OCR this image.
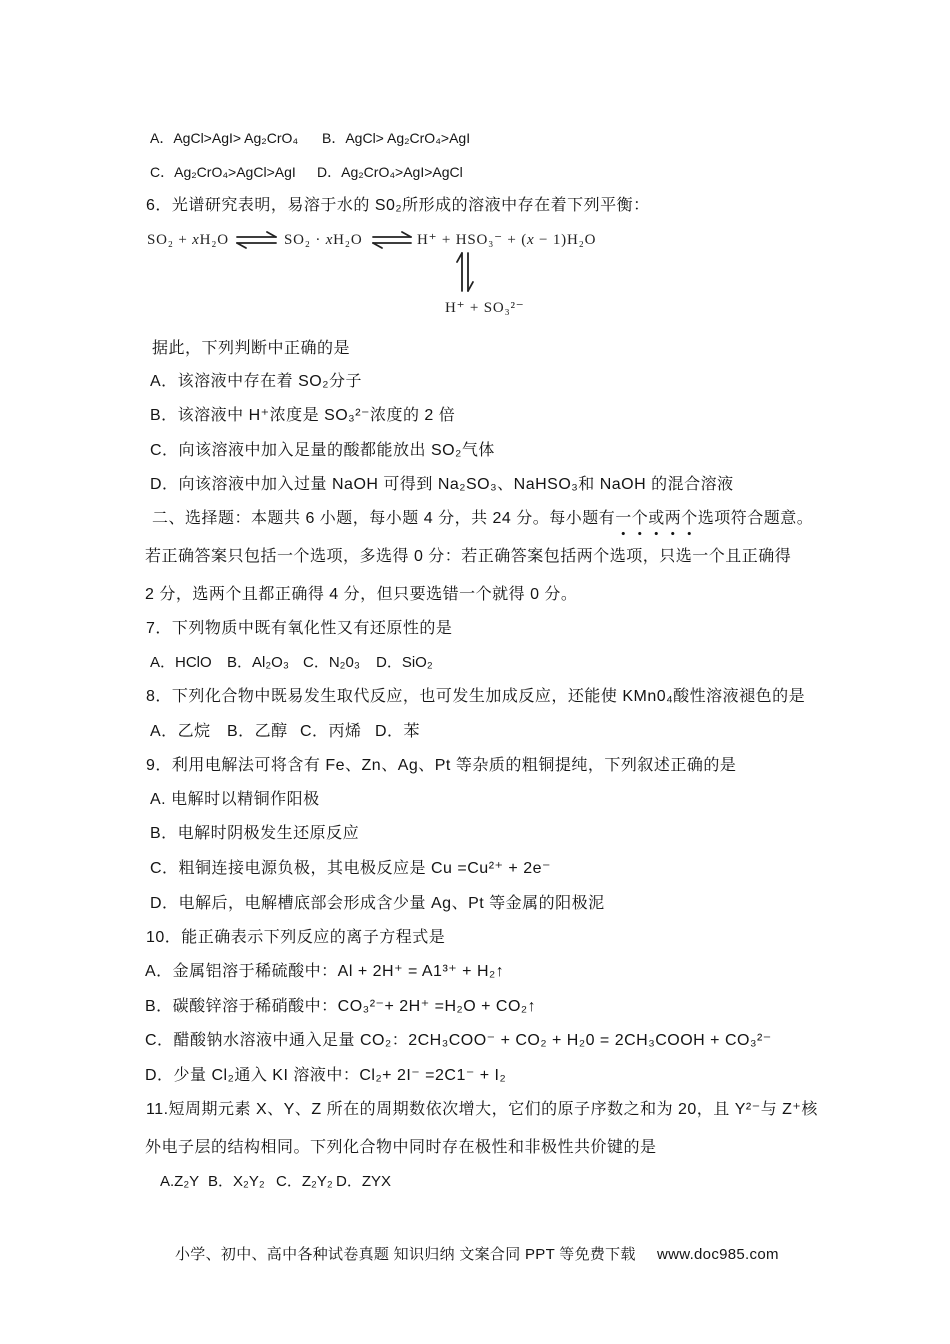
A．AgCl>AgI> Ag₂CrO₄ B．AgCl> Ag₂CrO₄>AgI
C．Ag₂CrO₄>AgCl>AgI D．Ag₂CrO₄>AgI>AgCl
6．光谱研究表明，易溶于水的 S0₂所形成的溶液中存在着下列平衡：
SO₂ + xH₂O	SO₂ · xH₂O	H⁺ + HSO₃⁻ + (x − 1)H₂O
H⁺ + SO₃²⁻
据此，下列判断中正确的是
A．该溶液中存在着 SO₂分子
B．该溶液中 H⁺浓度是 SO₃²⁻浓度的 2 倍
C．向该溶液中加入足量的酸都能放出 SO₂气体
D．向该溶液中加入过量 NaOH 可得到 Na₂SO₃、NaHSO₃和 NaOH 的混合溶液
二、选择题：本题共 6 小题，每小题 4 分，共 24 分。每小题有一个或两个选项符合题意。
若正确答案只包括一个选项，多选得 0 分：若正确答案包括两个选项，只选一个且正确得
2 分，选两个且都正确得 4 分，但只要选错一个就得 0 分。
7．下列物质中既有氧化性又有还原性的是
A．HClO B．Al₂O₃ C．N₂0₃ D．SiO₂
8．下列化合物中既易发生取代反应，也可发生加成反应，还能使 KMn0₄酸性溶液褪色的是
A．乙烷 B．乙醇 C．丙烯 D．苯
9．利用电解法可将含有 Fe、Zn、Ag、Pt 等杂质的粗铜提纯，下列叙述正确的是
A. 电解时以精铜作阳极
B．电解时阴极发生还原反应
C．粗铜连接电源负极，其电极反应是 Cu =Cu²⁺ + 2e⁻
D．电解后，电解槽底部会形成含少量 Ag、Pt 等金属的阳极泥
10．能正确表示下列反应的离子方程式是
A．金属铝溶于稀硫酸中：Al + 2H⁺ = A1³⁺ + H₂↑
B．碳酸锌溶于稀硝酸中：CO₃²⁻+ 2H⁺ =H₂O + CO₂↑
C．醋酸钠水溶液中通入足量 CO₂：2CH₃COO⁻ + CO₂ + H₂0 = 2CH₃COOH + CO₃²⁻
D．少量 Cl₂通入 KI 溶液中：Cl₂+ 2I⁻ =2C1⁻ + I₂
11.短周期元素 X、Y、Z 所在的周期数依次增大，它们的原子序数之和为 20，且 Y²⁻与 Z⁺核
外电子层的结构相同。下列化合物中同时存在极性和非极性共价键的是
A.Z₂Y B．X₂Y₂ C．Z₂Y₂ D．ZYX
小学、初中、高中各种试卷真题 知识归纳 文案合同 PPT 等免费下载 www.doc985.com
